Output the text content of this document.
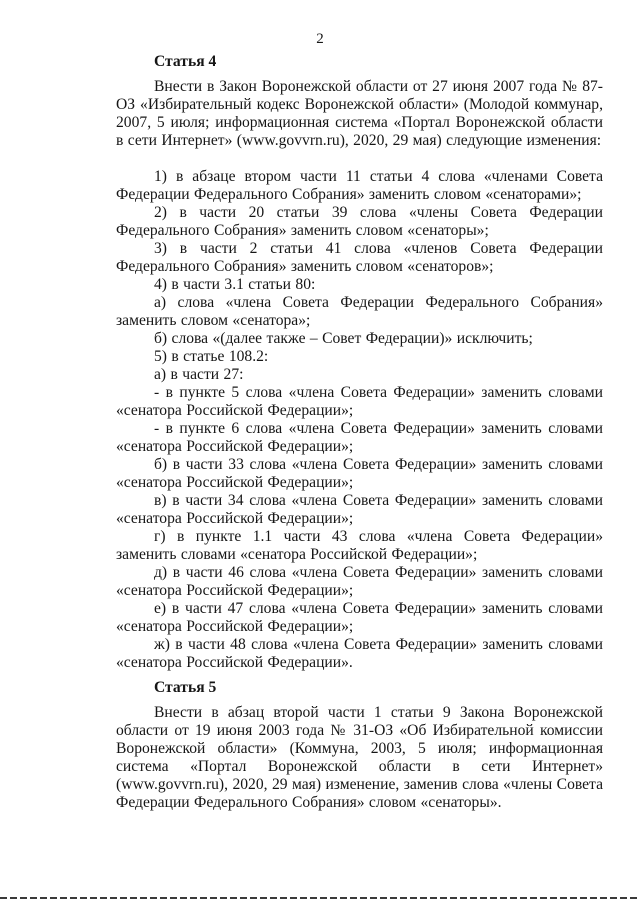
2
Статья 4

Внести в Закон Воронежской области от 27 июня 2007 года № 87-ОЗ «Избирательный кодекс Воронежской области» (Молодой коммунар, 2007, 5 июля; информационная система «Портал Воронежской области в сети Интернет» (www.govvrn.ru), 2020, 29 мая) следующие изменения:

1) в абзаце втором части 11 статьи 4 слова «членами Совета Федерации Федерального Собрания» заменить словом «сенаторами»;

2) в части 20 статьи 39 слова «члены Совета Федерации Федерального Собрания» заменить словом «сенаторы»;

3) в части 2 статьи 41 слова «членов Совета Федерации Федерального Собрания» заменить словом «сенаторов»;

4) в части 3.1 статьи 80:

а) слова «члена Совета Федерации Федерального Собрания» заменить словом «сенатора»;

б) слова «(далее также – Совет Федерации)» исключить;

5) в статье 108.2:

а) в части 27:

- в пункте 5 слова «члена Совета Федерации» заменить словами «сенатора Российской Федерации»;

- в пункте 6 слова «члена Совета Федерации» заменить словами «сенатора Российской Федерации»;

б) в части 33 слова «члена Совета Федерации» заменить словами «сенатора Российской Федерации»;

в) в части 34 слова «члена Совета Федерации» заменить словами «сенатора Российской Федерации»;

г) в пункте 1.1 части 43 слова «члена Совета Федерации» заменить словами «сенатора Российской Федерации»;

д) в части 46 слова «члена Совета Федерации» заменить словами «сенатора Российской Федерации»;

е) в части 47 слова «члена Совета Федерации» заменить словами «сенатора Российской Федерации»;

ж) в части 48 слова «члена Совета Федерации» заменить словами «сенатора Российской Федерации».

Статья 5

Внести в абзац второй части 1 статьи 9 Закона Воронежской области от 19 июня 2003 года № 31-ОЗ «Об Избирательной комиссии Воронежской области» (Коммуна, 2003, 5 июля; информационная система «Портал Воронежской области в сети Интернет» (www.govvrn.ru), 2020, 29 мая) изменение, заменив слова «члены Совета Федерации Федерального Собрания» словом «сенаторы».
